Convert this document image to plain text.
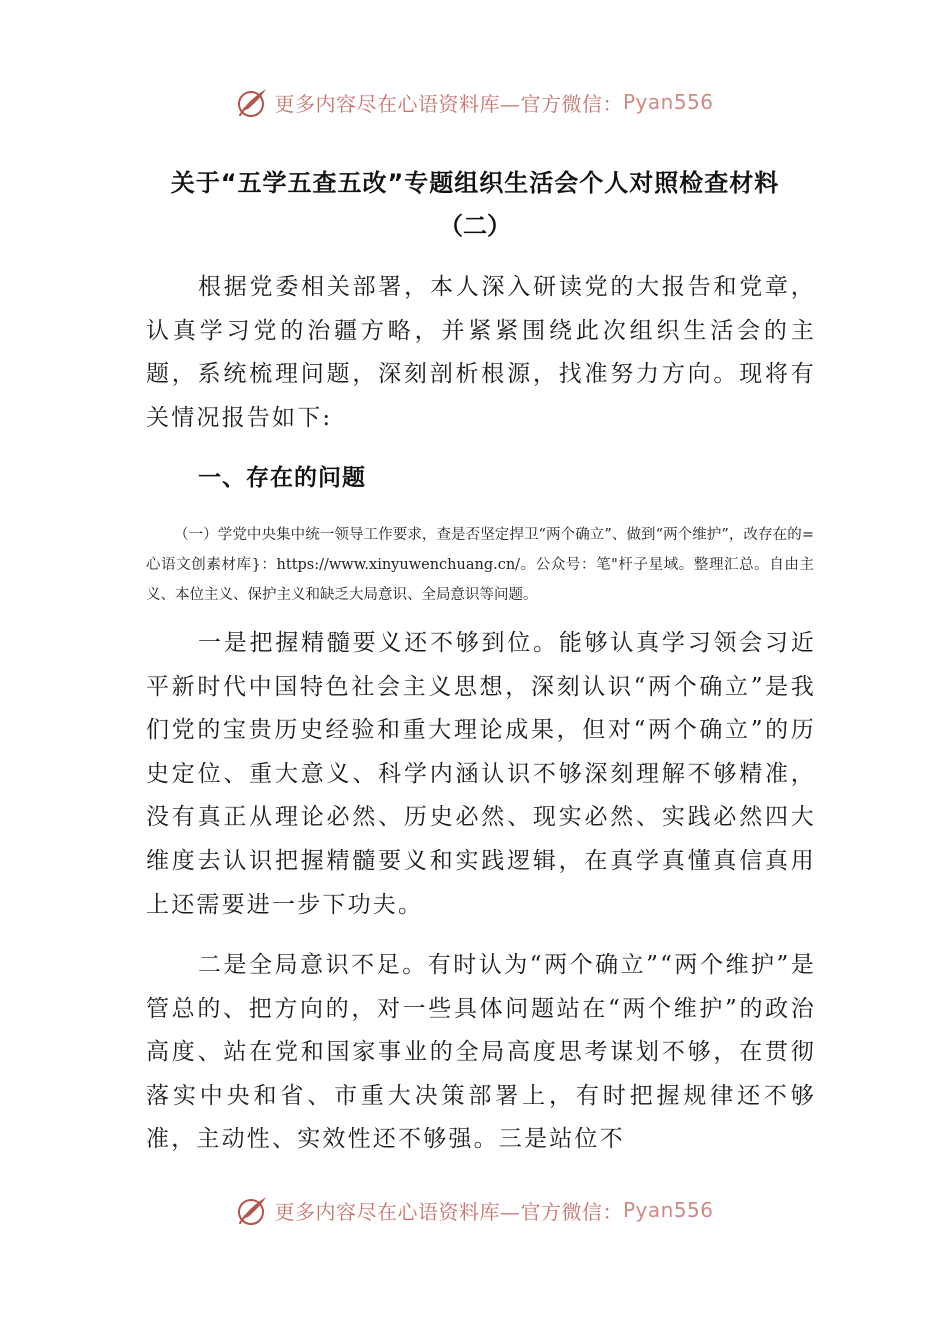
更多内容尽在心语资料库—官方微信： Pyan556
关于“五学五查五改”专题组织生活会个人对照检查材料
（二）

根据党委相关部署，本人深入研读党的大报告和党章，认真学习党的治疆方略，并紧紧围绕此次组织生活会的主题，系统梳理问题，深刻剖析根源，找准努力方向。现将有关情况报告如下:

一、存在的问题

（一）学党中央集中统一领导工作要求，查是否坚定捍卫“两个确立”、做到“两个维护”，改存在的=心语文创素材库}：https://www.xinyuwenchuang.cn/。公众号：笔"杆子星域。整理汇总。自由主义、本位主义、保护主义和缺乏大局意识、全局意识等问题。

一是把握精髓要义还不够到位。能够认真学习领会习近平新时代中国特色社会主义思想，深刻认识“两个确立”是我们党的宝贵历史经验和重大理论成果，但对“两个确立”的历史定位、重大意义、科学内涵认识不够深刻理解不够精准，没有真正从理论必然、历史必然、现实必然、实践必然四大维度去认识把握精髓要义和实践逻辑，在真学真懂真信真用上还需要进一步下功夫。

二是全局意识不足。有时认为“两个确立”“两个维护”是管总的、把方向的，对一些具体问题站在“两个维护”的政治高度、站在党和国家事业的全局高度思考谋划不够，在贯彻落实中央和省、市重大决策部署上，有时把握规律还不够准，主动性、实效性还不够强。三是站位不

更多内容尽在心语资料库—官方微信： Pyan556
